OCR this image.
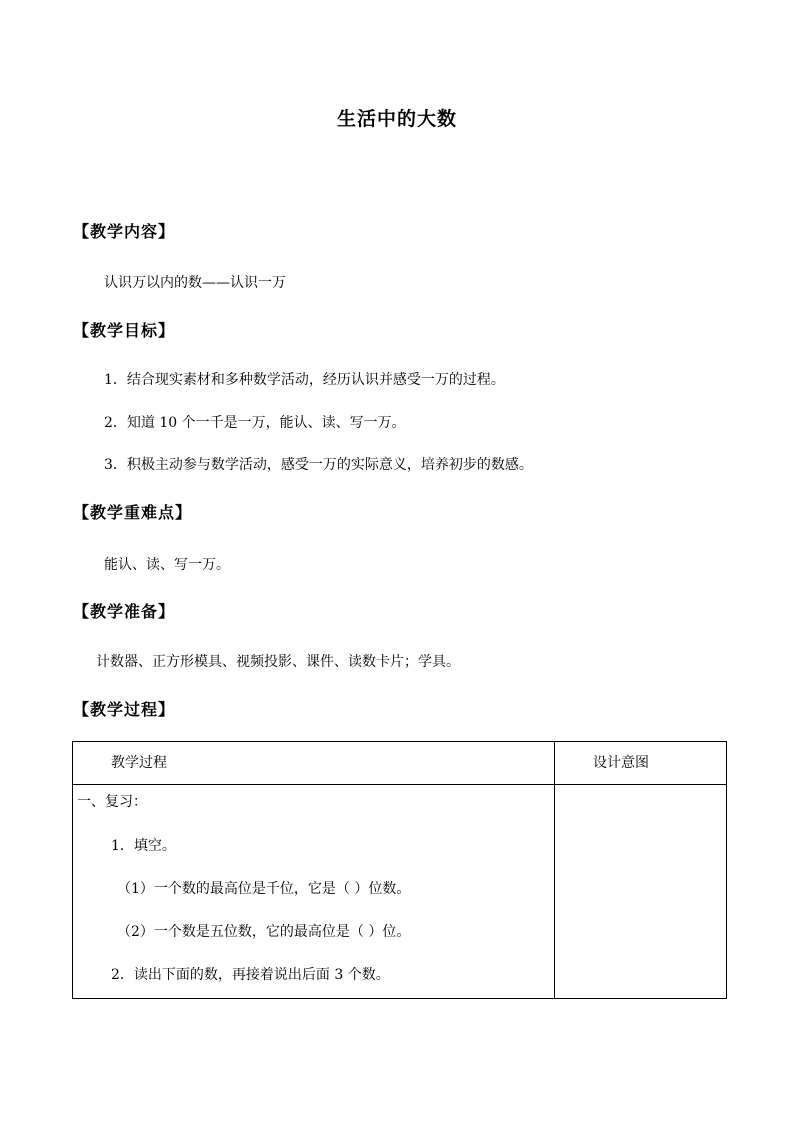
生活中的大数
【教学内容】
认识万以内的数——认识一万
【教学目标】
1．结合现实素材和多种数学活动，经历认识并感受一万的过程。
2．知道 10 个一千是一万，能认、读、写一万。
3．积极主动参与数学活动，感受一万的实际意义，培养初步的数感。
【教学重难点】
能认、读、写一万。
【教学准备】
计数器、正方形模具、视频投影、课件、读数卡片；学具。
【教学过程】
教学过程	设计意图

一、复习：
1．填空。
（1）一个数的最高位是千位，它是（ ）位数。
（2）一个数是五位数，它的最高位是（ ）位。
2．读出下面的数，再接着说出后面 3 个数。	
